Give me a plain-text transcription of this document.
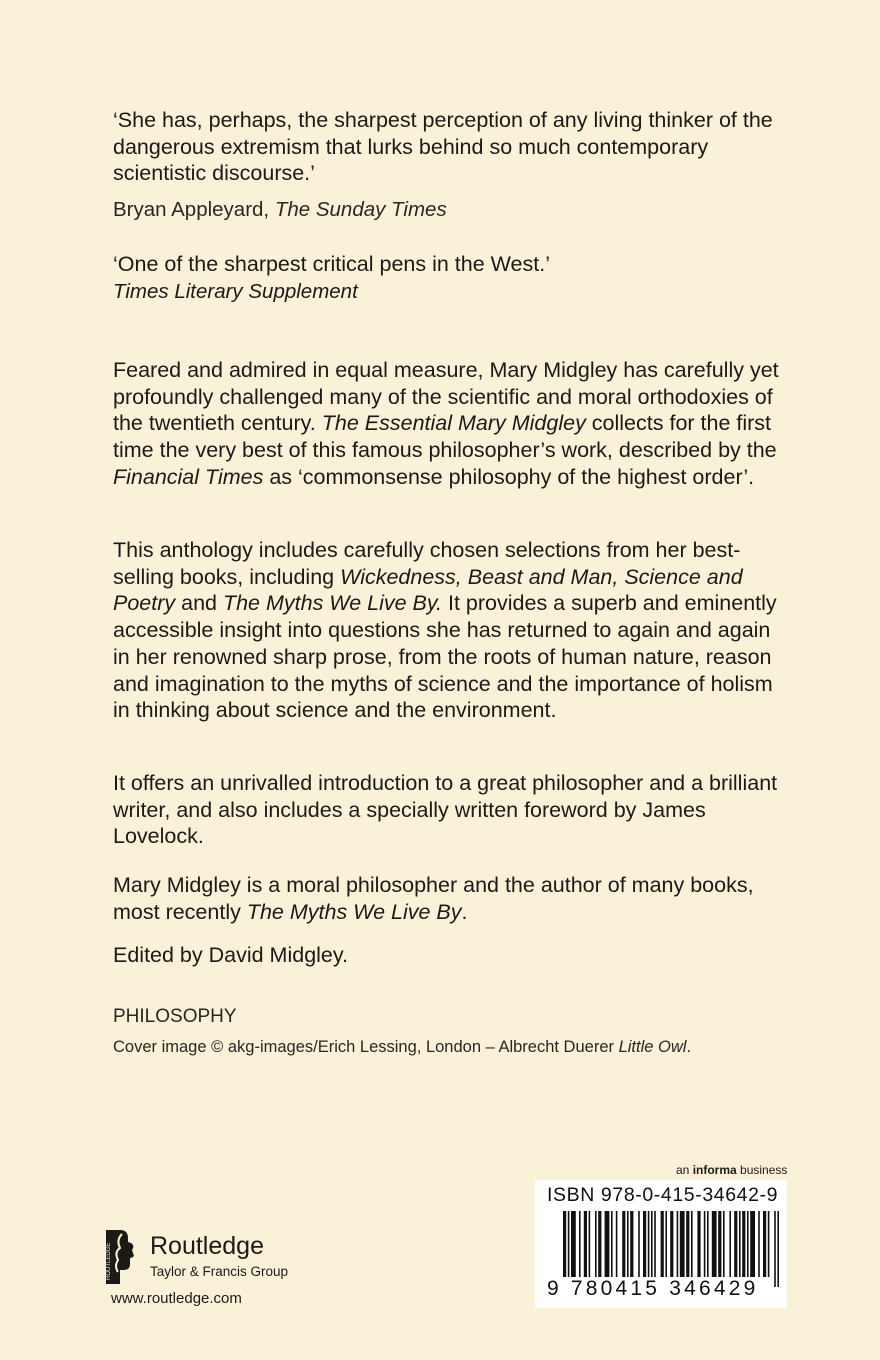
‘She has, perhaps, the sharpest perception of any living thinker of the dangerous extremism that lurks behind so much contemporary scientistic discourse.’

Bryan Appleyard, The Sunday Times

‘One of the sharpest critical pens in the West.’
Times Literary Supplement

Feared and admired in equal measure, Mary Midgley has carefully yet profoundly challenged many of the scientific and moral orthodoxies of the twentieth century. The Essential Mary Midgley collects for the first time the very best of this famous philosopher’s work, described by the Financial Times as ‘commonsense philosophy of the highest order’.

This anthology includes carefully chosen selections from her best-selling books, including Wickedness, Beast and Man, Science and Poetry and The Myths We Live By. It provides a superb and eminently accessible insight into questions she has returned to again and again in her renowned sharp prose, from the roots of human nature, reason and imagination to the myths of science and the importance of holism in thinking about science and the environment.

It offers an unrivalled introduction to a great philosopher and a brilliant writer, and also includes a specially written foreword by James Lovelock.

Mary Midgley is a moral philosopher and the author of many books, most recently The Myths We Live By.

Edited by David Midgley.

PHILOSOPHY

Cover image © akg-images/Erich Lessing, London – Albrecht Duerer Little Owl.

an informa business
ISBN 978-0-415-34642-9
9 780415 346429
ROUTLEDGE Routledge
Taylor & Francis Group
www.routledge.com
